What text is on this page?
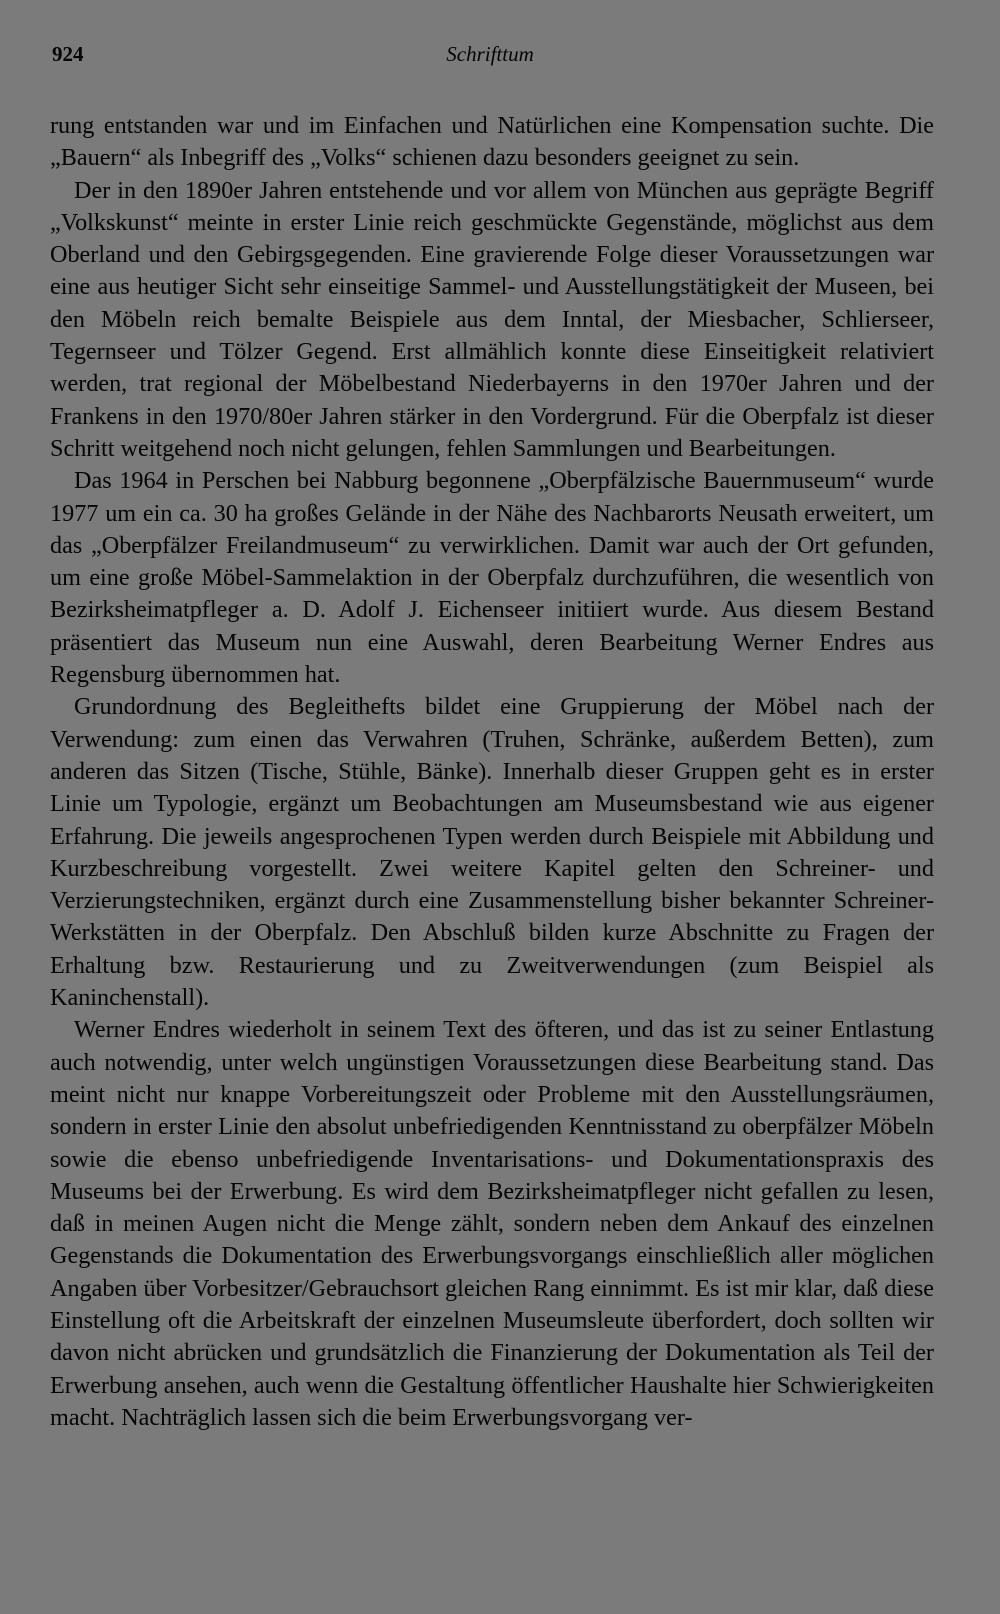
924	Schrifttum

rung entstanden war und im Einfachen und Natürlichen eine Kompensation suchte. Die „Bauern“ als Inbegriff des „Volks“ schienen dazu besonders geeignet zu sein.

Der in den 1890er Jahren entstehende und vor allem von München aus geprägte Begriff „Volkskunst“ meinte in erster Linie reich geschmückte Gegenstände, möglichst aus dem Oberland und den Gebirgsgegenden. Eine gravierende Folge dieser Voraussetzungen war eine aus heutiger Sicht sehr einseitige Sammel- und Ausstellungstätigkeit der Museen, bei den Möbeln reich bemalte Beispiele aus dem Inntal, der Miesbacher, Schlierseer, Tegernseer und Tölzer Gegend. Erst allmählich konnte diese Einseitigkeit relativiert werden, trat regional der Möbelbestand Niederbayerns in den 1970er Jahren und der Frankens in den 1970/80er Jahren stärker in den Vordergrund. Für die Oberpfalz ist dieser Schritt weitgehend noch nicht gelungen, fehlen Sammlungen und Bearbeitungen.

Das 1964 in Perschen bei Nabburg begonnene „Oberpfälzische Bauernmuseum“ wurde 1977 um ein ca. 30 ha großes Gelände in der Nähe des Nachbarorts Neusath erweitert, um das „Oberpfälzer Freilandmuseum“ zu verwirklichen. Damit war auch der Ort gefunden, um eine große Möbel-Sammelaktion in der Oberpfalz durchzuführen, die wesentlich von Bezirksheimatpfleger a. D. Adolf J. Eichenseer initiiert wurde. Aus diesem Bestand präsentiert das Museum nun eine Auswahl, deren Bearbeitung Werner Endres aus Regensburg übernommen hat.

Grundordnung des Begleithefts bildet eine Gruppierung der Möbel nach der Verwendung: zum einen das Verwahren (Truhen, Schränke, außerdem Betten), zum anderen das Sitzen (Tische, Stühle, Bänke). Innerhalb dieser Gruppen geht es in erster Linie um Typologie, ergänzt um Beobachtungen am Museumsbestand wie aus eigener Erfahrung. Die jeweils angesprochenen Typen werden durch Beispiele mit Abbildung und Kurzbeschreibung vorgestellt. Zwei weitere Kapitel gelten den Schreiner- und Verzierungstechniken, ergänzt durch eine Zusammenstellung bisher bekannter Schreiner-Werkstätten in der Oberpfalz. Den Abschluß bilden kurze Abschnitte zu Fragen der Erhaltung bzw. Restaurierung und zu Zweitverwendungen (zum Beispiel als Kaninchenstall).

Werner Endres wiederholt in seinem Text des öfteren, und das ist zu seiner Entlastung auch notwendig, unter welch ungünstigen Voraussetzungen diese Bearbeitung stand. Das meint nicht nur knappe Vorbereitungszeit oder Probleme mit den Ausstellungsräumen, sondern in erster Linie den absolut unbefriedigenden Kenntnisstand zu oberpfälzer Möbeln sowie die ebenso unbefriedigende Inventarisations- und Dokumentationspraxis des Museums bei der Erwerbung. Es wird dem Bezirksheimatpfleger nicht gefallen zu lesen, daß in meinen Augen nicht die Menge zählt, sondern neben dem Ankauf des einzelnen Gegenstands die Dokumentation des Erwerbungsvorgangs einschließlich aller möglichen Angaben über Vorbesitzer/Gebrauchsort gleichen Rang einnimmt. Es ist mir klar, daß diese Einstellung oft die Arbeitskraft der einzelnen Museumsleute überfordert, doch sollten wir davon nicht abrücken und grundsätzlich die Finanzierung der Dokumentation als Teil der Erwerbung ansehen, auch wenn die Gestaltung öffentlicher Haushalte hier Schwierigkeiten macht. Nachträglich lassen sich die beim Erwerbungsvorgang ver-
